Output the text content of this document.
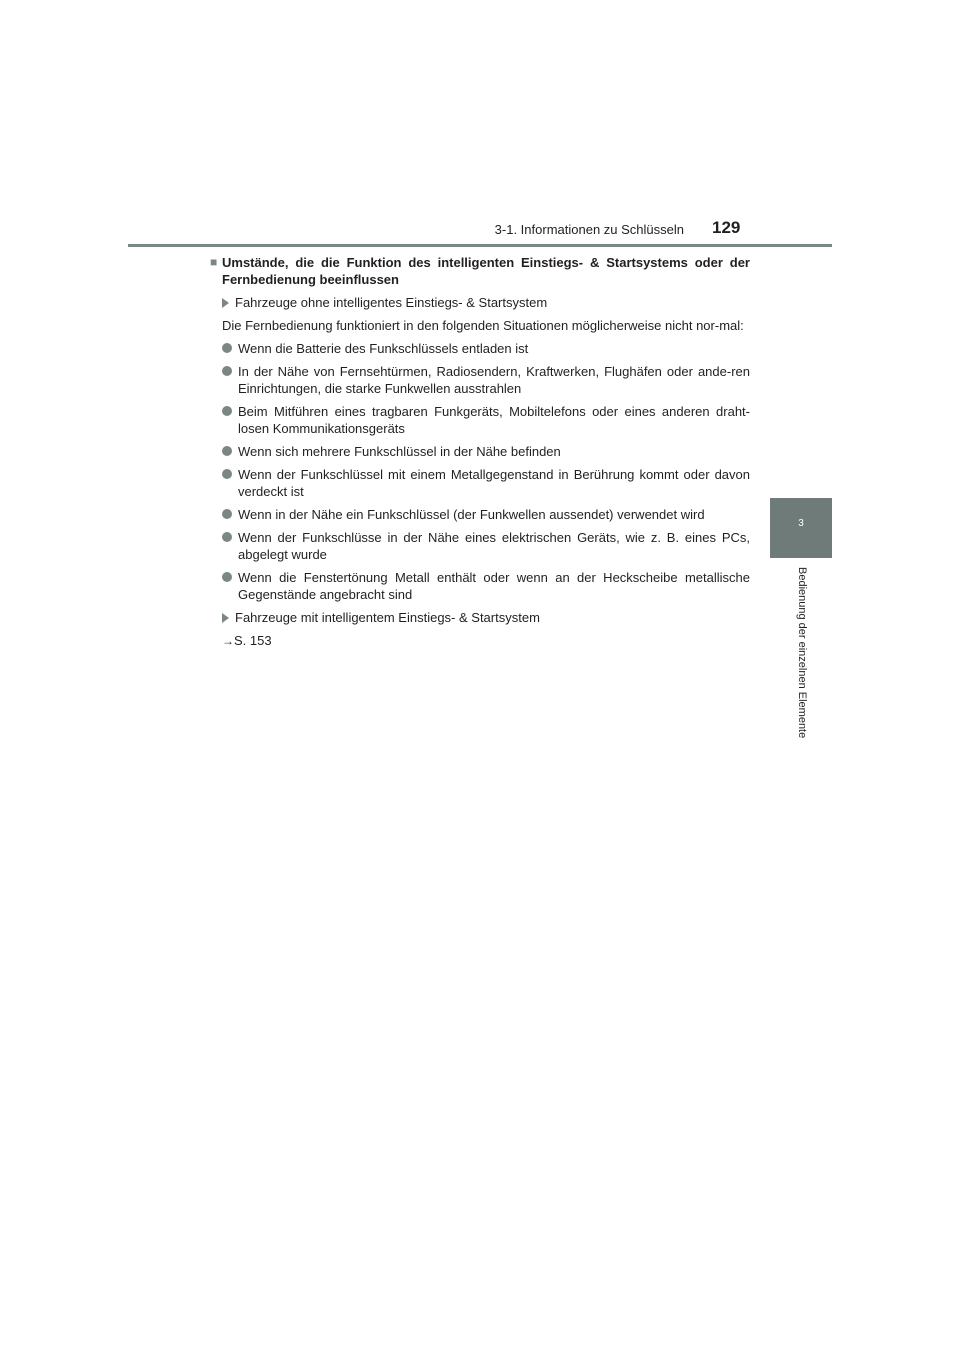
3-1. Informationen zu Schlüsseln 129
3
Bedienung der einzelnen Elemente
■ Umstände, die die Funktion des intelligenten Einstiegs- & Startsystems oder der Fernbedienung beeinflussen
Fahrzeuge ohne intelligentes Einstiegs- & Startsystem
Die Fernbedienung funktioniert in den folgenden Situationen möglicherweise nicht nor-mal:
Wenn die Batterie des Funkschlüssels entladen ist
In der Nähe von Fernsehtürmen, Radiosendern, Kraftwerken, Flughäfen oder ande-ren Einrichtungen, die starke Funkwellen ausstrahlen
Beim Mitführen eines tragbaren Funkgeräts, Mobiltelefons oder eines anderen draht-losen Kommunikationsgeräts
Wenn sich mehrere Funkschlüssel in der Nähe befinden
Wenn der Funkschlüssel mit einem Metallgegenstand in Berührung kommt oder davon verdeckt ist
Wenn in der Nähe ein Funkschlüssel (der Funkwellen aussendet) verwendet wird
Wenn der Funkschlüsse in der Nähe eines elektrischen Geräts, wie z. B. eines PCs, abgelegt wurde
Wenn die Fenstertönung Metall enthält oder wenn an der Heckscheibe metallische Gegenstände angebracht sind
Fahrzeuge mit intelligentem Einstiegs- & Startsystem
→S. 153
